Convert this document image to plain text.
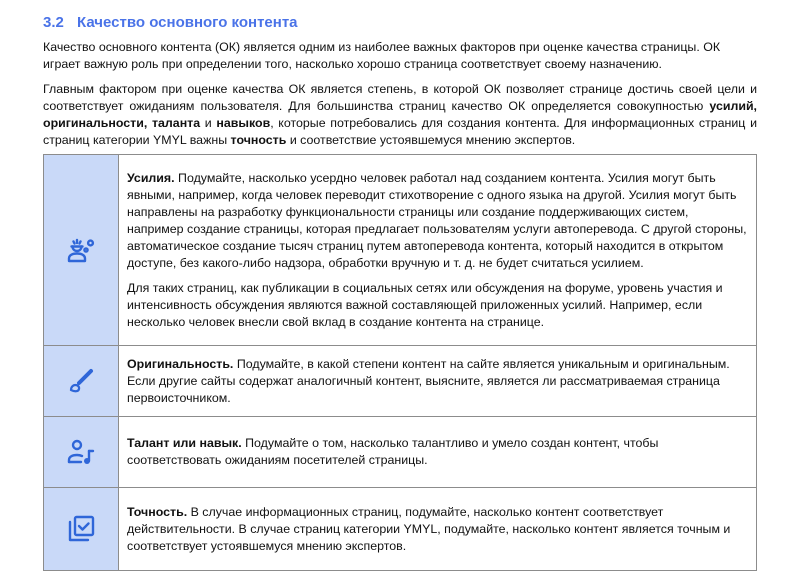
3.2 Качество основного контента

Качество основного контента (ОК) является одним из наиболее важных факторов при оценке качества страницы. ОК играет важную роль при определении того, насколько хорошо страница соответствует своему назначению.

Главным фактором при оценке качества ОК является степень, в которой ОК позволяет странице достичь своей цели и соответствует ожиданиям пользователя. Для большинства страниц качество ОК определяется совокупностью усилий, оригинальности, таланта и навыков, которые потребовались для создания контента. Для информационных страниц и страниц категории YMYL важны точность и соответствие устоявшемуся мнению экспертов.

Усилия. Подумайте, насколько усердно человек работал над созданием контента. Усилия могут быть явными, например, когда человек переводит стихотворение с одного языка на другой. Усилия могут быть направлены на разработку функциональности страницы или создание поддерживающих систем, например создание страницы, которая предлагает пользователям услуги автоперевода. С другой стороны, автоматическое создание тысяч страниц путем автоперевода контента, который находится в открытом доступе, без какого-либо надзора, обработки вручную и т. д. не будет считаться усилием.

Для таких страниц, как публикации в социальных сетях или обсуждения на форуме, уровень участия и интенсивность обсуждения являются важной составляющей приложенных усилий. Например, если несколько человек внесли свой вклад в создание контента на странице.

Оригинальность. Подумайте, в какой степени контент на сайте является уникальным и оригинальным. Если другие сайты содержат аналогичный контент, выясните, является ли рассматриваемая страница первоисточником.

Талант или навык. Подумайте о том, насколько талантливо и умело создан контент, чтобы соответствовать ожиданиям посетителей страницы.

Точность. В случае информационных страниц, подумайте, насколько контент соответствует действительности. В случае страниц категории YMYL, подумайте, насколько контент является точным и соответствует устоявшемуся мнению экспертов.
